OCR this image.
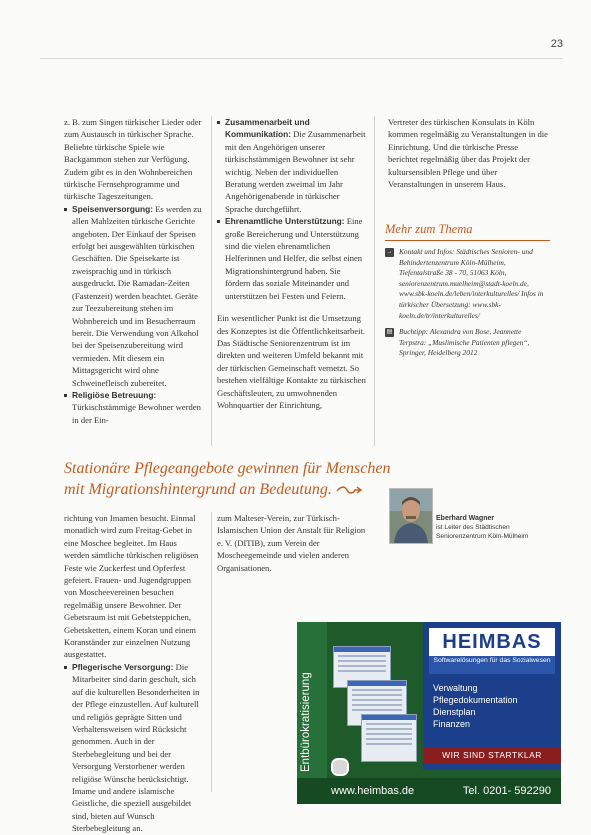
23

z. B. zum Singen türkischer Lieder oder zum Austausch in türkischer Sprache. Beliebte türkische Spiele wie Backgammon stehen zur Verfügung. Zudem gibt es in den Wohnbereichen türkische Fernsehprogramme und türkische Tageszeitungen.

Speisenversorgung: Es werden zu allen Mahlzeiten türkische Gerichte angeboten. Der Einkauf der Speisen erfolgt bei ausgewählten türkischen Geschäften. Die Speisekarte ist zweisprachig und in türkisch ausgedruckt. Die Ramadan-Zeiten (Fastenzeit) werden beachtet. Geräte zur Teezubereitung stehen im Wohnbereich und im Besucherraum bereit. Die Verwendung von Alkohol bei der Speisenzubereitung wird vermieden. Mit diesem ein Mittagsgericht wird ohne Schweinefleisch zubereitet.

Religiöse Betreuung: Türkischstämmige Bewohner werden in der Ein-

Zusammenarbeit und Kommunikation: Die Zusammenarbeit mit den Angehörigen unserer türkischstämmigen Bewohner ist sehr wichtig. Neben der individuellen Beratung werden zweimal im Jahr Angehörigenabende in türkischer Sprache durchgeführt.

Ehrenamtliche Unterstützung: Eine große Bereicherung und Unterstützung sind die vielen ehrenamtlichen Helferinnen und Helfer, die selbst einen Migrationshintergrund haben. Sie fördern das soziale Miteinander und unterstützen bei Festen und Feiern.

Ein wesentlicher Punkt ist die Umsetzung des Konzeptes ist die Öffentlichkeitsarbeit. Das Städtische Seniorenzentrum ist im direkten und weiteren Umfeld bekannt mit der türkischen Gemeinschaft vernetzt. So bestehen vielfältige Kontakte zu türkischen Geschäftsleuten, zu umwohnenden Wohnquartier der Einrichtung,

Vertreter des türkischen Konsulats in Köln kommen regelmäßig zu Veranstaltungen in die Einrichtung. Und die türkische Presse berichtet regelmäßig über das Projekt der kultursensiblen Pflege und über Veranstaltungen in unserem Haus.

Mehr zum Thema

→ Kontakt und Infos: Städtisches Senioren- und Behindertenzentrum Köln-Mülheim, Tiefentalstraße 38 - 70, 51063 Köln, seniorenzentrum.muelheim@stadt-koeln.de, www.sbk-koeln.de/leben/interkulturelles/ Infos in türkischer Übersetzung: www.sbk-koeln.de/tr/interkulturelles/

▤ Buchtipp: Alexandra von Bose, Jeannette Terpstra: „Muslimische Patienten pflegen“, Springer, Heidelberg 2012

Stationäre Pflegeangebote gewinnen für Menschen
mit Migrationshintergrund an Bedeutung.

richtung von Imamen besucht. Einmal monatlich wird zum Freitag-Gebet in eine Moschee begleitet. Im Haus werden sämtliche türkischen religiösen Feste wie Zuckerfest und Opferfest gefeiert. Frauen- und Jugendgruppen von Moscheevereinen besuchen regelmäßig unsere Bewohner. Der Gebetsraum ist mit Gebetsteppichen, Gebetsketten, einem Koran und einem Koranständer zur einzelnen Nutzung ausgestattet.

Pflegerische Versorgung: Die Mitarbeiter sind darin geschult, sich auf die kulturellen Besonderheiten in der Pflege einzustellen. Auf kulturell und religiös geprägte Sitten und Verhaltensweisen wird Rücksicht genommen. Auch in der Sterbebegleitung und bei der Versorgung Verstorbener werden religiöse Wünsche berücksichtigt. Imame und andere islamische Geistliche, die speziell ausgebildet sind, bieten auf Wunsch Sterbebegleitung an.

zum Malteser-Verein, zur Türkisch-Islamischen Union der Anstalt für Religion e. V. (DITIB), zum Verein der Moscheegemeinde und vielen anderen Organisationen.

Eberhard Wagner
ist Leiter des Städtischen
Seniorenzentrum Köln-Mülheim
Entbürokratisierung
HEIMBAS
Softwarelösungen für das Sozialwesen
Verwaltung
Pflegedokumentation
Dienstplan
Finanzen
WIR SIND STARTKLAR
www.heimbas.de	Tel. 0201- 592290
